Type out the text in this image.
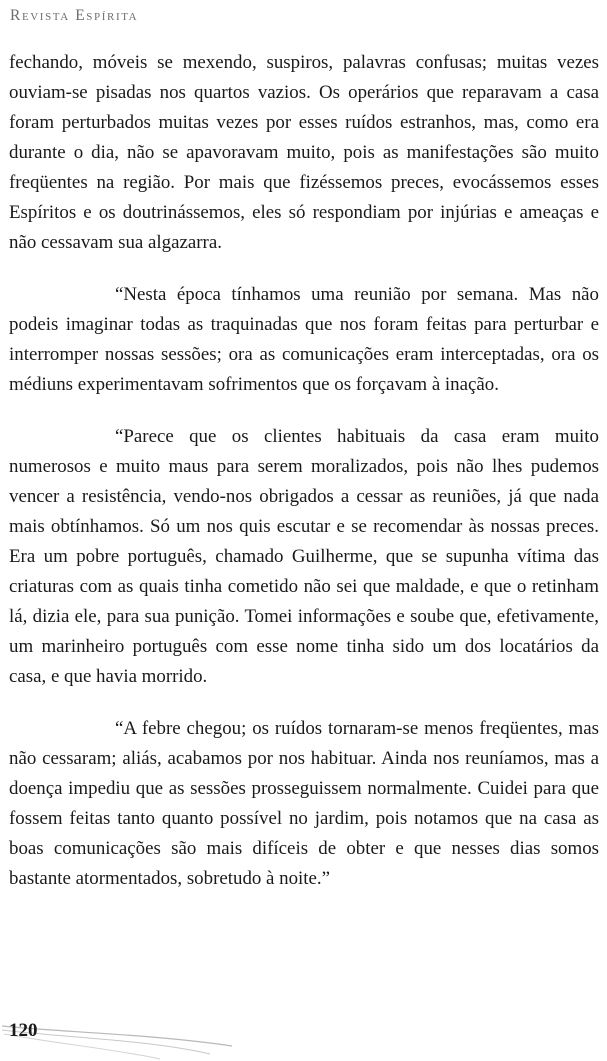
Revista Espírita

fechando, móveis se mexendo, suspiros, palavras confusas; muitas vezes ouviam-se pisadas nos quartos vazios. Os operários que reparavam a casa foram perturbados muitas vezes por esses ruídos estranhos, mas, como era durante o dia, não se apavoravam muito, pois as manifestações são muito freqüentes na região. Por mais que fizéssemos preces, evocássemos esses Espíritos e os doutrinássemos, eles só respondiam por injúrias e ameaças e não cessavam sua algazarra.

“Nesta época tínhamos uma reunião por semana. Mas não podeis imaginar todas as traquinadas que nos foram feitas para perturbar e interromper nossas sessões; ora as comunicações eram interceptadas, ora os médiuns experimentavam sofrimentos que os forçavam à inação.

“Parece que os clientes habituais da casa eram muito numerosos e muito maus para serem moralizados, pois não lhes pudemos vencer a resistência, vendo-nos obrigados a cessar as reuniões, já que nada mais obtínhamos. Só um nos quis escutar e se recomendar às nossas preces. Era um pobre português, chamado Guilherme, que se supunha vítima das criaturas com as quais tinha cometido não sei que maldade, e que o retinham lá, dizia ele, para sua punição. Tomei informações e soube que, efetivamente, um marinheiro português com esse nome tinha sido um dos locatários da casa, e que havia morrido.

“A febre chegou; os ruídos tornaram-se menos freqüentes, mas não cessaram; aliás, acabamos por nos habituar. Ainda nos reuníamos, mas a doença impediu que as sessões prosseguissem normalmente. Cuidei para que fossem feitas tanto quanto possível no jardim, pois notamos que na casa as boas comunicações são mais difíceis de obter e que nesses dias somos bastante atormentados, sobretudo à noite.”

120
